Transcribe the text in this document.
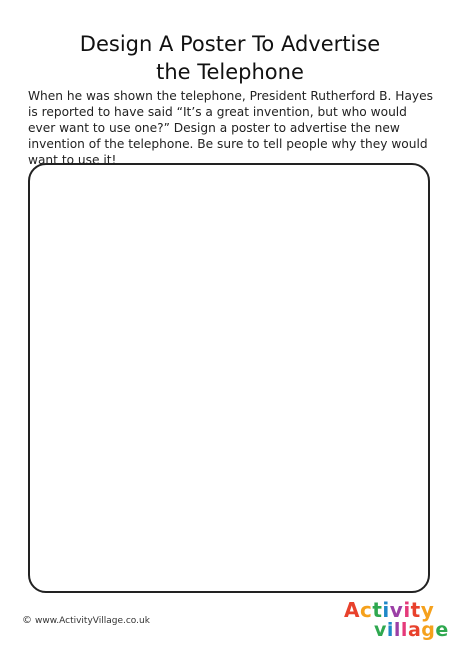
Design A Poster To Advertise
the Telephone

When he was shown the telephone, President Rutherford B. Hayes is reported to have said “It’s a great invention, but who would ever want to use one?” Design a poster to advertise the new invention of the telephone. Be sure to tell people why they would want to use it!

© www.ActivityVillage.co.uk	Activity
village
